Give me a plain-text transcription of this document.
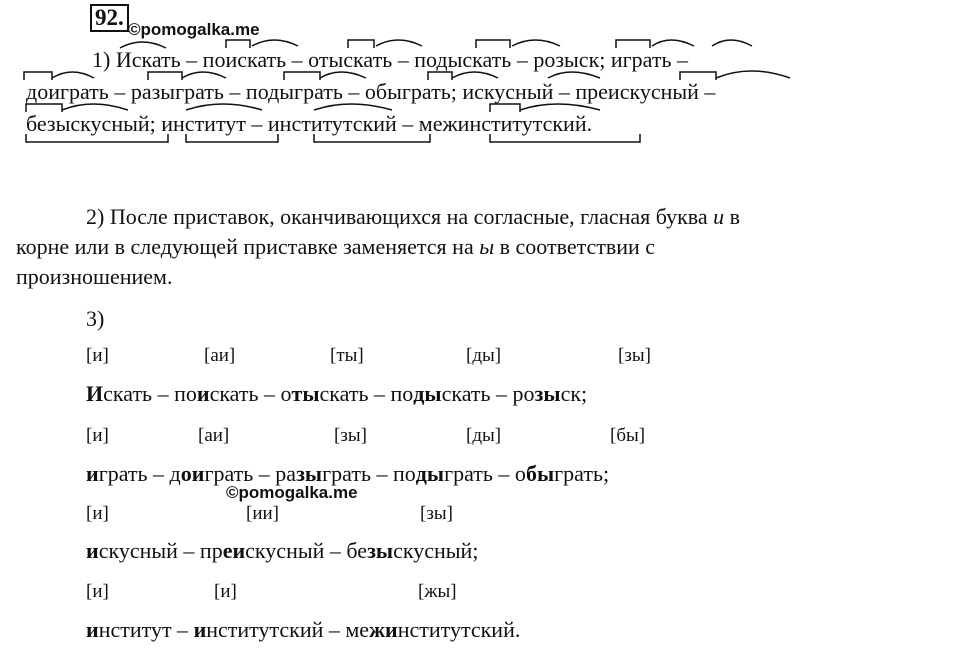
92. ©pomogalka.me
1) Искать – поискать – отыскать – подыскать – розыск; играть –
доиграть – разыграть – подыграть – обыграть; искусный – преискусный –
безыскусный; институт – институтский – межинститутский.
2) После приставок, оканчивающихся на согласные, гласная буква и в
корне или в следующей приставке заменяется на ы в соответствии с
произношением.
3)
[и]	[аи]	[ты]	[ды]	[зы]
Искать – поискать – отыскать – подыскать – розыск;
[и]	[аи]	[зы]	[ды]	[бы]
играть – доиграть – разыграть – подыграть – обыграть;
©pomogalka.me
[и]	[ии]	[зы]
искусный – преискусный – безыскусный;
[и]	[и]	[жы]
институт – институтский – межинститутский.
